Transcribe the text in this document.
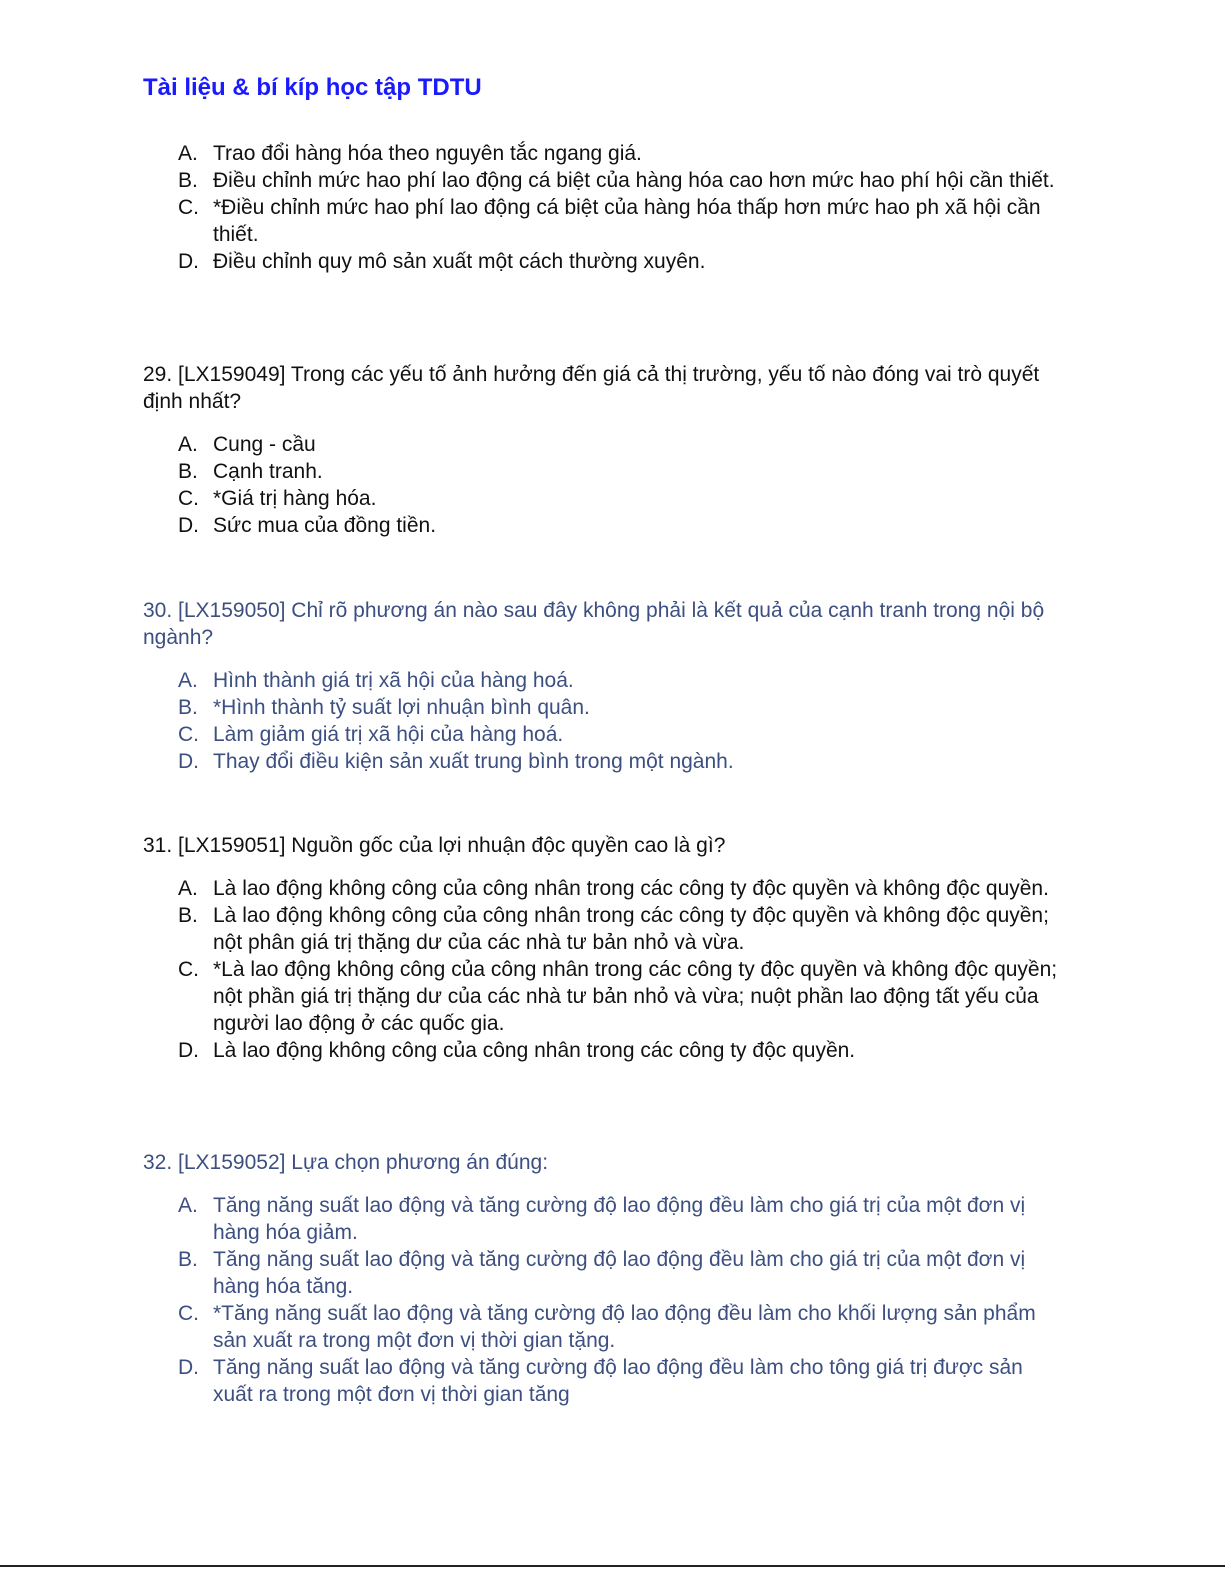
Tài liệu & bí kíp học tập TDTU
A. Trao đổi hàng hóa theo nguyên tắc ngang giá.
B. Điều chỉnh mức hao phí lao động cá biệt của hàng hóa cao hơn mức hao phí hội cần thiết.
C. *Điều chỉnh mức hao phí lao động cá biệt của hàng hóa thấp hơn mức hao ph xã hội cần thiết.
D. Điều chỉnh quy mô sản xuất một cách thường xuyên.

29. [LX159049] Trong các yếu tố ảnh hưởng đến giá cả thị trường, yếu tố nào đóng vai trò quyết định nhất?

A. Cung - cầu
B. Cạnh tranh.
C. *Giá trị hàng hóa.
D. Sức mua của đồng tiền.

30. [LX159050] Chỉ rõ phương án nào sau đây không phải là kết quả của cạnh tranh trong nội bộ ngành?

A. Hình thành giá trị xã hội của hàng hoá.
B. *Hình thành tỷ suất lợi nhuận bình quân.
C. Làm giảm giá trị xã hội của hàng hoá.
D. Thay đổi điều kiện sản xuất trung bình trong một ngành.

31. [LX159051] Nguồn gốc của lợi nhuận độc quyền cao là gì?

A. Là lao động không công của công nhân trong các công ty độc quyền và không độc quyền.
B. Là lao động không công của công nhân trong các công ty độc quyền và không độc quyền; nột phân giá trị thặng dư của các nhà tư bản nhỏ và vừa.
C. *Là lao động không công của công nhân trong các công ty độc quyền và không độc quyền; nột phần giá trị thặng dư của các nhà tư bản nhỏ và vừa; nuột phần lao động tất yếu của người lao động ở các quốc gia.
D. Là lao động không công của công nhân trong các công ty độc quyền.

32. [LX159052] Lựa chọn phương án đúng:

A. Tăng năng suất lao động và tăng cường độ lao động đều làm cho giá trị của một đơn vị hàng hóa giảm.
B. Tăng năng suất lao động và tăng cường độ lao động đều làm cho giá trị của một đơn vị hàng hóa tăng.
C. *Tăng năng suất lao động và tăng cường độ lao động đều làm cho khối lượng sản phẩm sản xuất ra trong một đơn vị thời gian tặng.
D. Tăng năng suất lao động và tăng cường độ lao động đều làm cho tông giá trị được sản xuất ra trong một đơn vị thời gian tăng
